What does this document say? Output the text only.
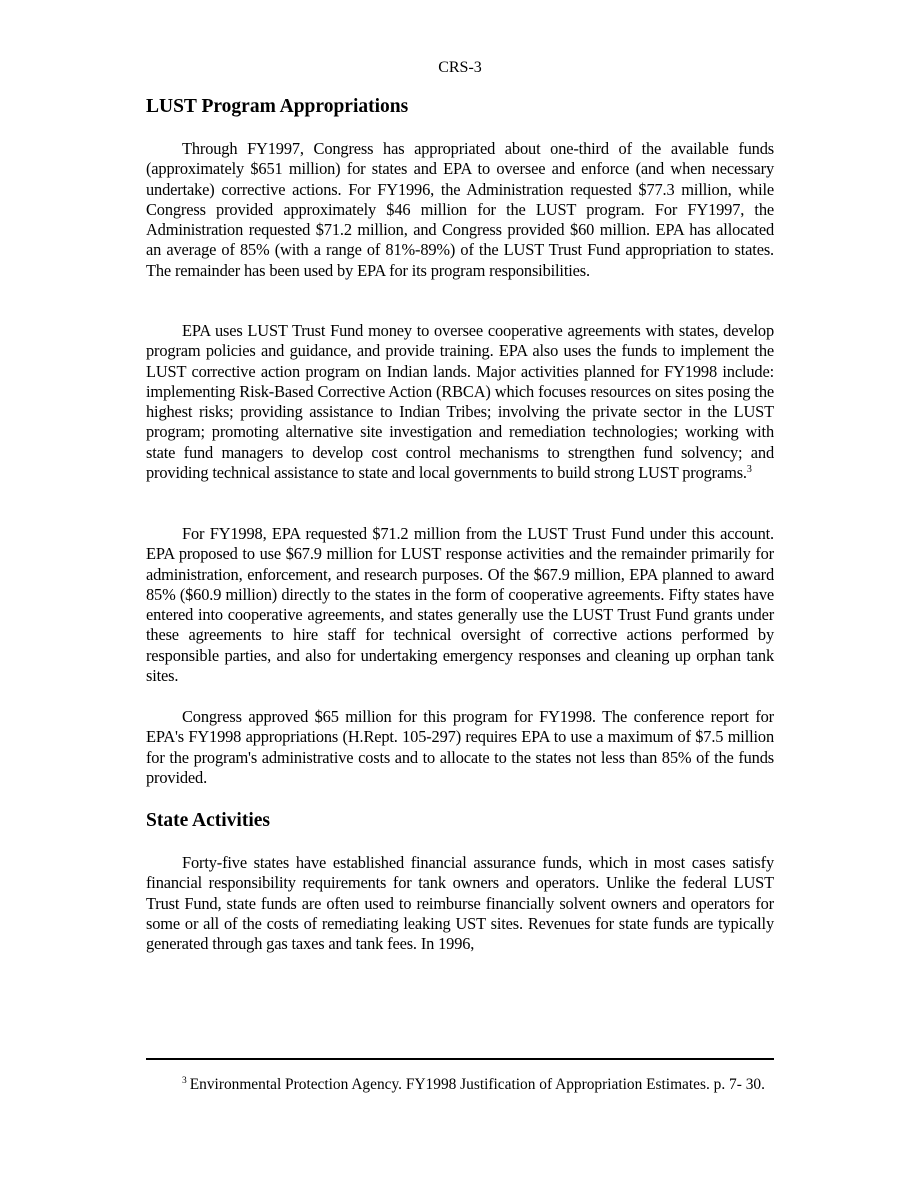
CRS-3
LUST Program Appropriations

Through FY1997, Congress has appropriated about one-third of the available funds (approximately $651 million) for states and EPA to oversee and enforce (and when necessary undertake) corrective actions. For FY1996, the Administration requested $77.3 million, while Congress provided approximately $46 million for the LUST program. For FY1997, the Administration requested $71.2 million, and Congress provided $60 million. EPA has allocated an average of 85% (with a range of 81%-89%) of the LUST Trust Fund appropriation to states. The remainder has been used by EPA for its program responsibilities.

EPA uses LUST Trust Fund money to oversee cooperative agreements with states, develop program policies and guidance, and provide training. EPA also uses the funds to implement the LUST corrective action program on Indian lands. Major activities planned for FY1998 include: implementing Risk-Based Corrective Action (RBCA) which focuses resources on sites posing the highest risks; providing assistance to Indian Tribes; involving the private sector in the LUST program; promoting alternative site investigation and remediation technologies; working with state fund managers to develop cost control mechanisms to strengthen fund solvency; and providing technical assistance to state and local governments to build strong LUST programs.$^3$

For FY1998, EPA requested $71.2 million from the LUST Trust Fund under this account. EPA proposed to use $67.9 million for LUST response activities and the remainder primarily for administration, enforcement, and research purposes. Of the $67.9 million, EPA planned to award 85% ($60.9 million) directly to the states in the form of cooperative agreements. Fifty states have entered into cooperative agreements, and states generally use the LUST Trust Fund grants under these agreements to hire staff for technical oversight of corrective actions performed by responsible parties, and also for undertaking emergency responses and cleaning up orphan tank sites.

Congress approved $65 million for this program for FY1998. The conference report for EPA's FY1998 appropriations (H.Rept. 105-297) requires EPA to use a maximum of $7.5 million for the program's administrative costs and to allocate to the states not less than 85% of the funds provided.

State Activities

Forty-five states have established financial assurance funds, which in most cases satisfy financial responsibility requirements for tank owners and operators. Unlike the federal LUST Trust Fund, state funds are often used to reimburse financially solvent owners and operators for some or all of the costs of remediating leaking UST sites. Revenues for state funds are typically generated through gas taxes and tank fees. In 1996,

$^3$ Environmental Protection Agency. FY1998 Justification of Appropriation Estimates. p. 7- 30.
